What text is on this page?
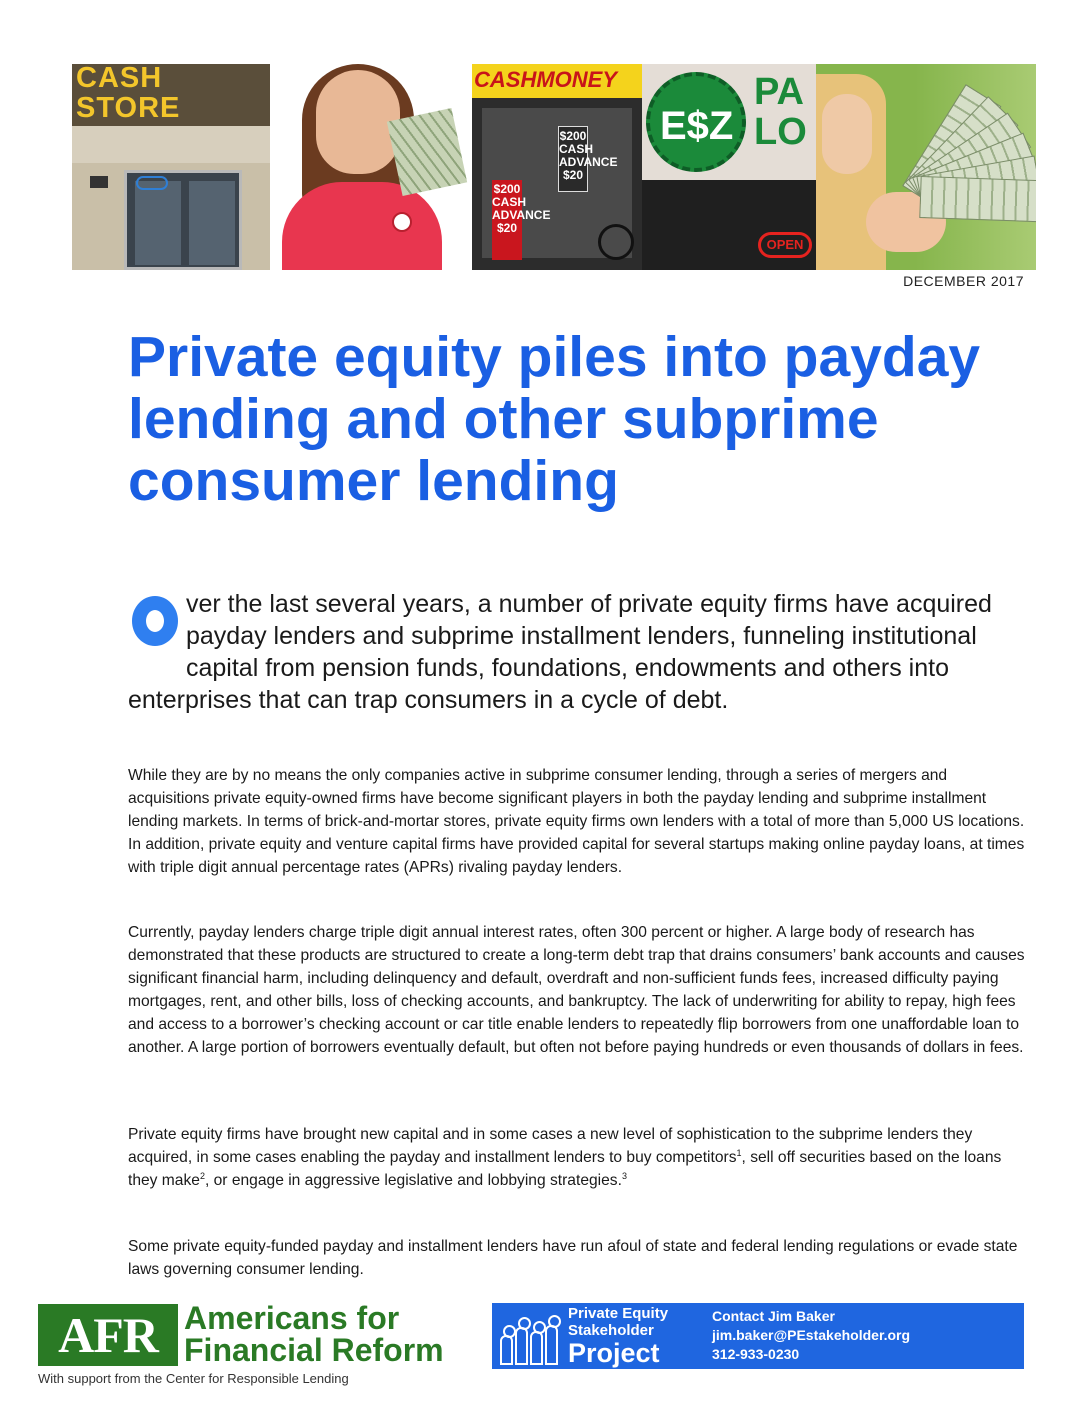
CASH
STORE
CASHMONEY
$200 CASH ADVANCE $20
$200 CASH ADVANCE $20
E$Z
PA
LO
OPEN
DECEMBER 2017
Private equity piles into payday lending and other subprime consumer lending
ver the last several years, a number of private equity firms have acquired payday lenders and subprime installment lenders, funneling institutional capital from pension funds, foundations, endowments and others into enterprises that can trap consumers in a cycle of debt.

While they are by no means the only companies active in subprime consumer lending, through a series of mergers and acquisitions private equity-owned firms have become significant players in both the payday lending and subprime installment lending markets. In terms of brick-and-mortar stores, private equity firms own lenders with a total of more than 5,000 US locations. In addition, private equity and venture capital firms have provided capital for several startups making online payday loans, at times with triple digit annual percentage rates (APRs) rivaling payday lenders.

Currently, payday lenders charge triple digit annual interest rates, often 300 percent or higher. A large body of research has demonstrated that these products are structured to create a long-term debt trap that drains consumers’ bank accounts and causes significant financial harm, including delinquency and default, overdraft and non-sufficient funds fees, increased difficulty paying mortgages, rent, and other bills, loss of checking accounts, and bankruptcy. The lack of underwriting for ability to repay, high fees and access to a borrower’s checking account or car title enable lenders to repeatedly flip borrowers from one unaffordable loan to another. A large portion of borrowers eventually default, but often not before paying hundreds or even thousands of dollars in fees.

Private equity firms have brought new capital and in some cases a new level of sophistication to the subprime lenders they acquired, in some cases enabling the payday and installment lenders to buy competitors$^1$, sell off securities based on the loans they make$^2$, or engage in aggressive legislative and lobbying strategies.$^3$

Some private equity-funded payday and installment lenders have run afoul of state and federal lending regulations or evade state laws governing consumer lending.

AFR Americans for
Financial Reform
With support from the Center for Responsible Lending
Private Equity
Stakeholder
Project
Contact Jim Baker
jim.baker@PEstakeholder.org
312-933-0230
